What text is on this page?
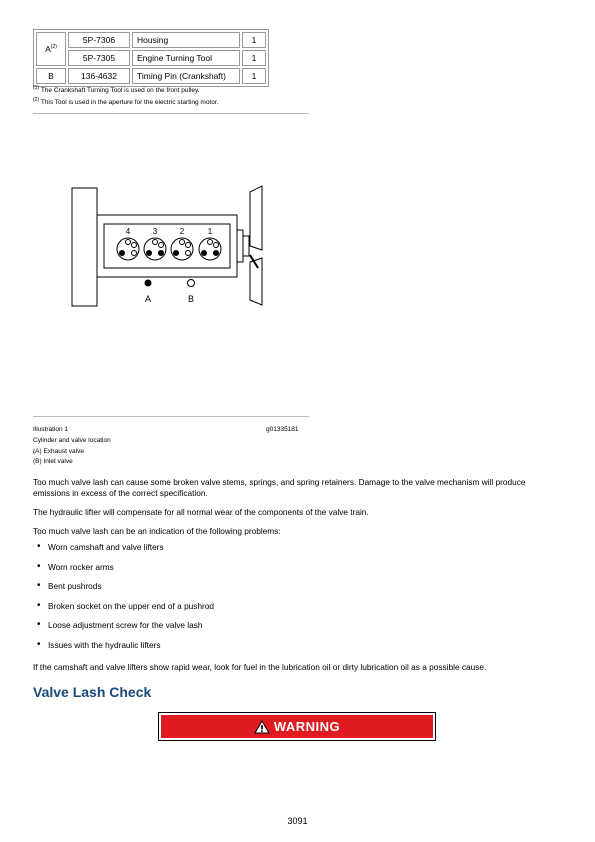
$A^{(2)}$	5P-7306	Housing	1
	5P-7305	Engine Turning Tool	1
B	136-4632	Timing Pin (Crankshaft)	1
$^{(1)}$ The Crankshaft Turning Tool is used on the front pulley.
$^{(2)}$ This Tool is used in the aperture for the electric starting motor.
4	3	2	1
A	B
Illustration 1	g01335181
Cylinder and valve location
(A) Exhaust valve
(B) Inlet valve

Too much valve lash can cause some broken valve stems, springs, and spring retainers. Damage to the valve mechanism will produce emissions in excess of the correct specification.

The hydraulic lifter will compensate for all normal wear of the components of the valve train.

Too much valve lash can be an indication of the following problems:

• Worn camshaft and valve lifters
• Worn rocker arms
• Bent pushrods
• Broken socket on the upper end of a pushrod
• Loose adjustment screw for the valve lash
• Issues with the hydraulic lifters

If the camshaft and valve lifters show rapid wear, look for fuel in the lubrication oil or dirty lubrication oil as a possible cause.

Valve Lash Check
WARNING
3091
